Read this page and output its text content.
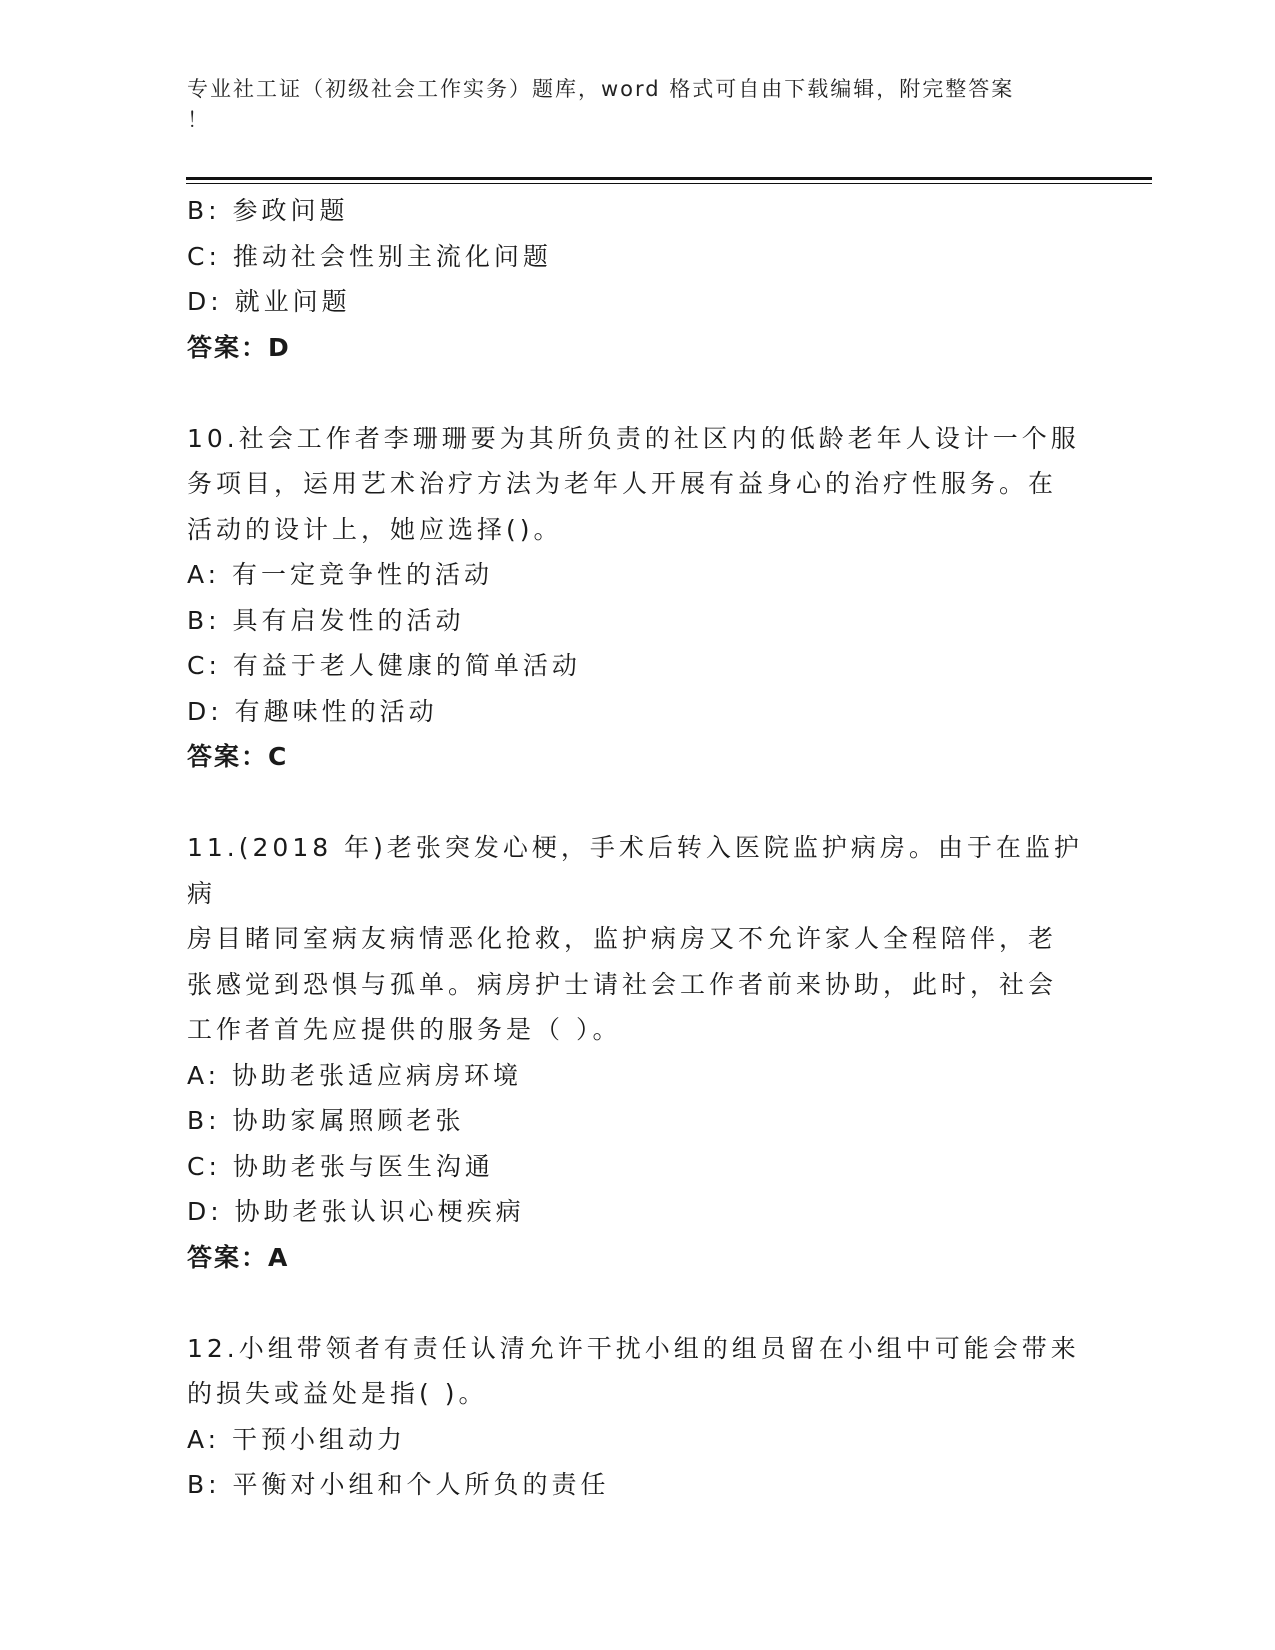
专业社工证（初级社会工作实务）题库，word 格式可自由下载编辑，附完整答案
！
B: 参政问题
C: 推动社会性别主流化问题
D: 就业问题
答案：D
10.社会工作者李珊珊要为其所负责的社区内的低龄老年人设计一个服
务项目，运用艺术治疗方法为老年人开展有益身心的治疗性服务。在
活动的设计上，她应选择()。
A: 有一定竞争性的活动
B: 具有启发性的活动
C: 有益于老人健康的简单活动
D: 有趣味性的活动
答案：C
11.(2018 年)老张突发心梗，手术后转入医院监护病房。由于在监护病
房目睹同室病友病情恶化抢救，监护病房又不允许家人全程陪伴，老
张感觉到恐惧与孤单。病房护士请社会工作者前来协助，此时，社会
工作者首先应提供的服务是（ ）。
A: 协助老张适应病房环境
B: 协助家属照顾老张
C: 协助老张与医生沟通
D: 协助老张认识心梗疾病
答案：A
12.小组带领者有责任认清允许干扰小组的组员留在小组中可能会带来
的损失或益处是指( )。
A: 干预小组动力
B: 平衡对小组和个人所负的责任
